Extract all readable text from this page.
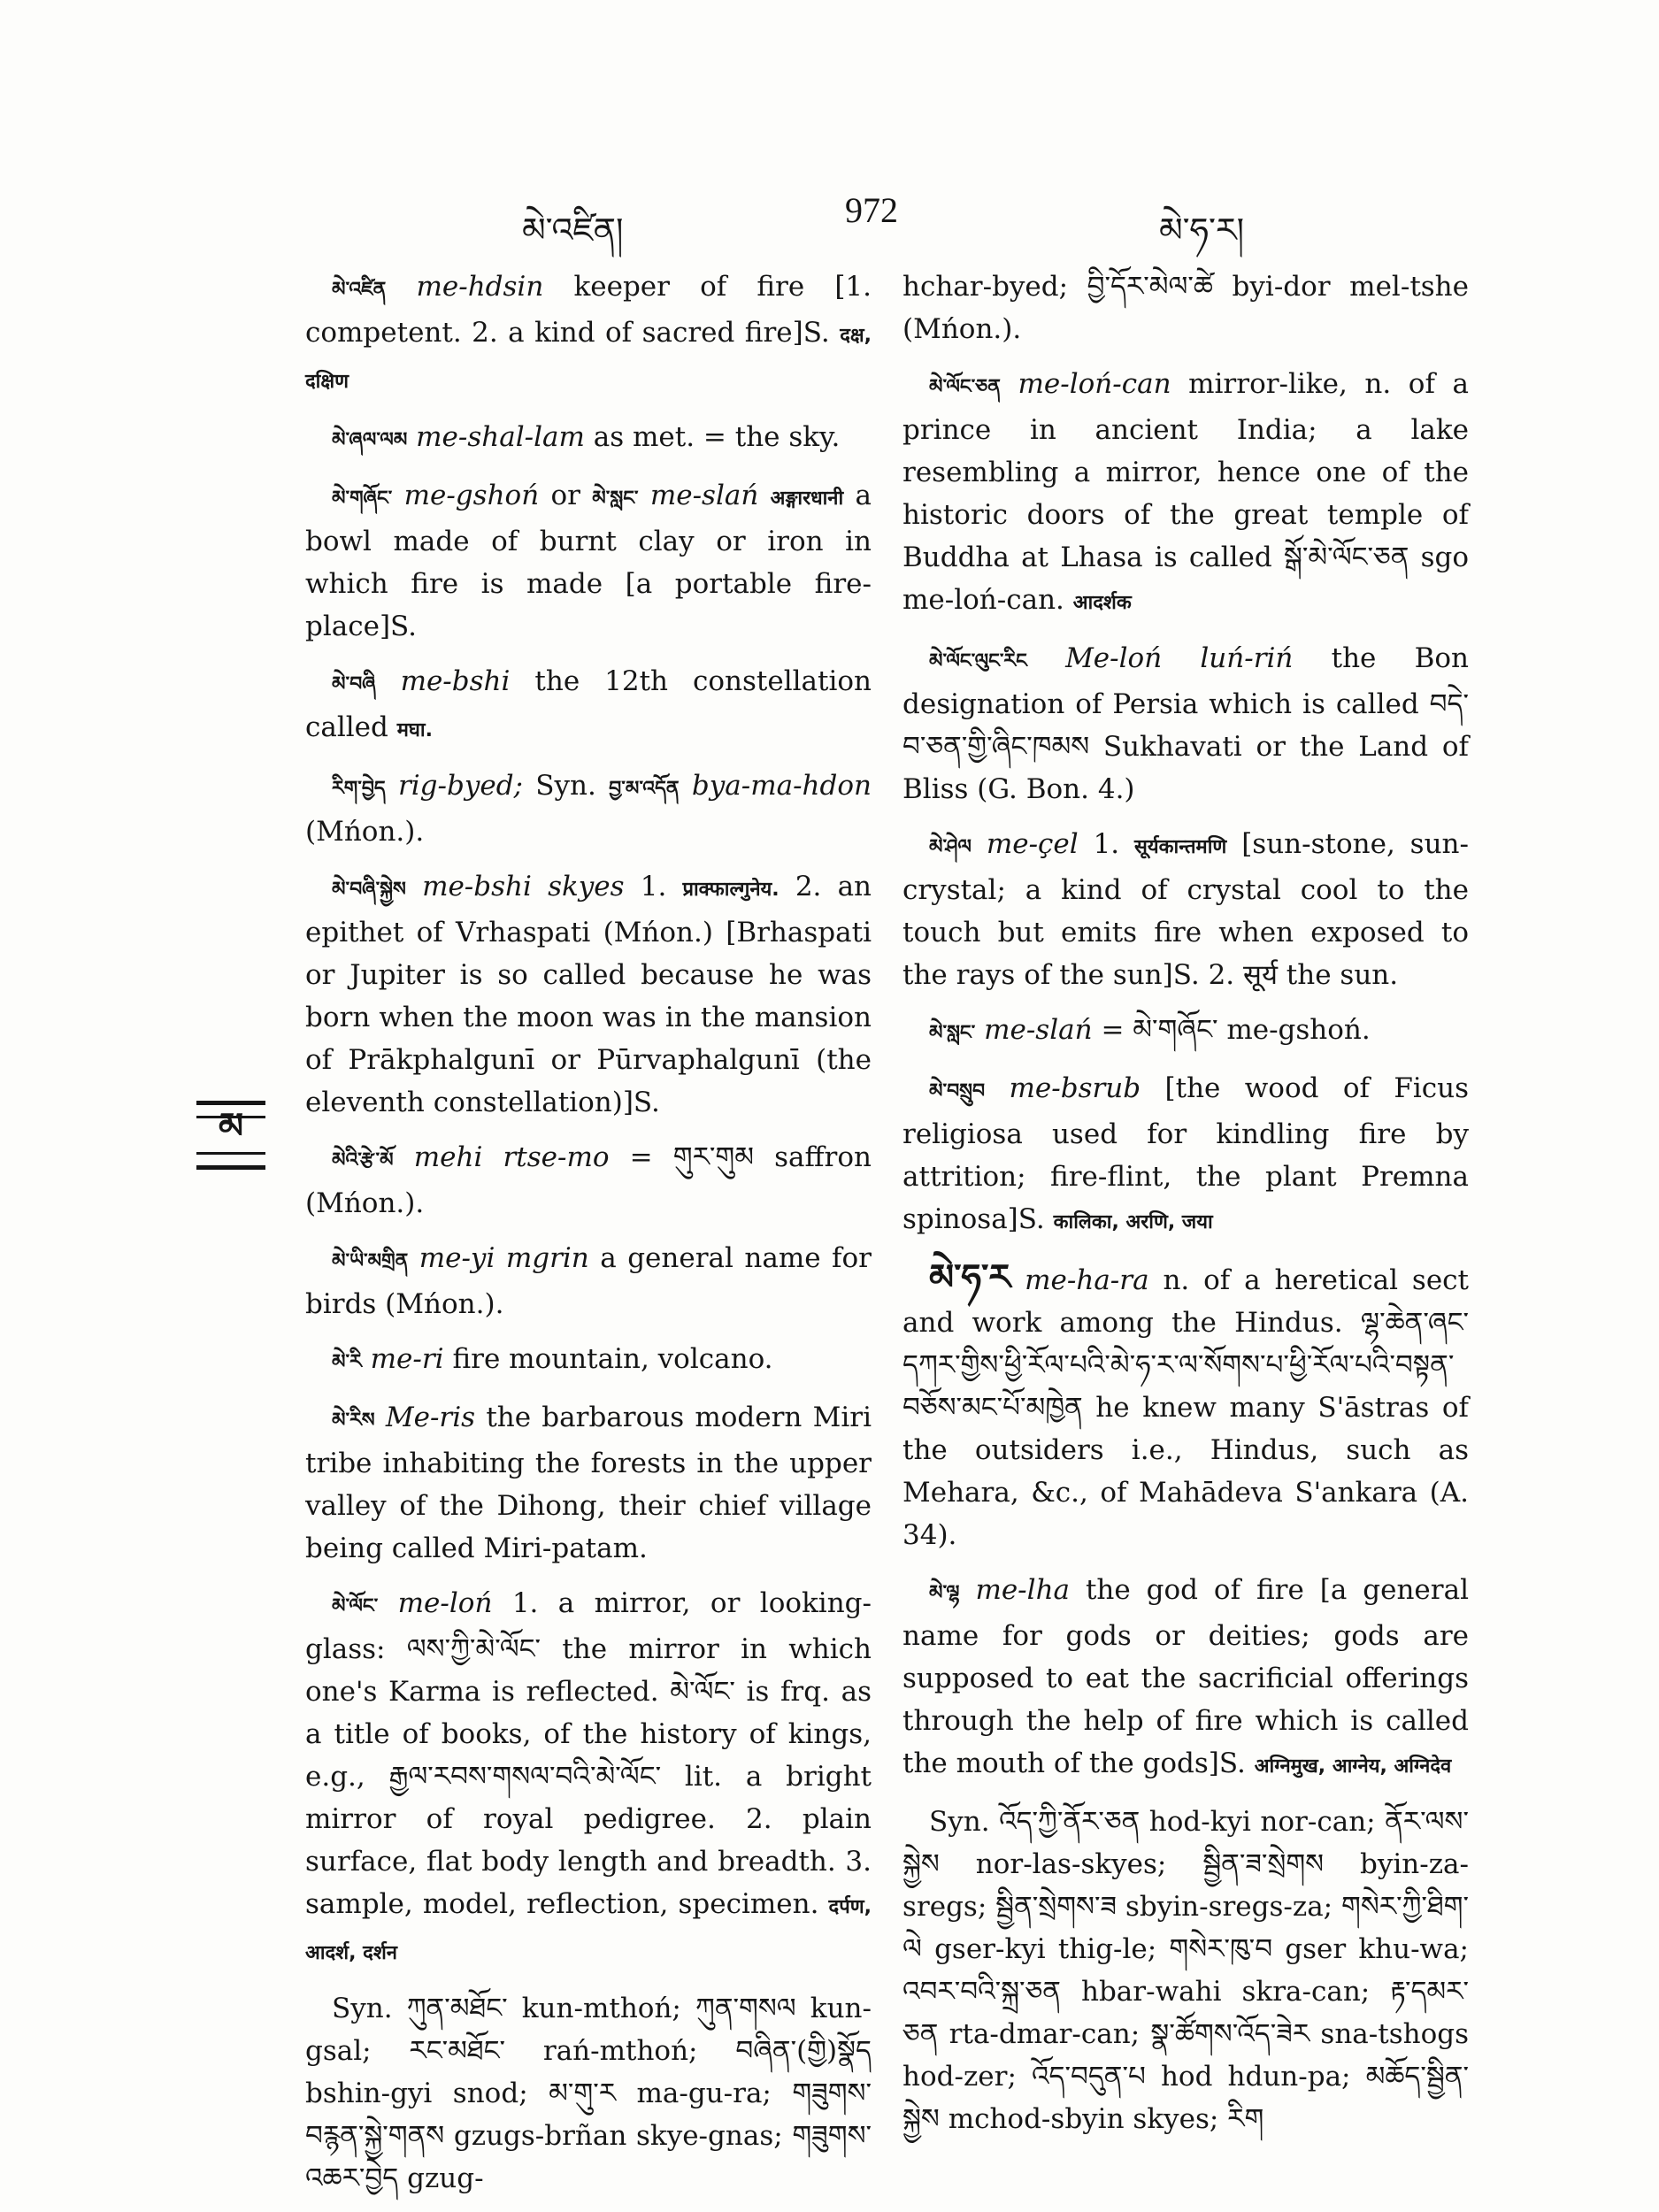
མེ་འཛིན།	972	མེ་ཧ་ར།
མ

མེ་འཛིན me-hdsin keeper of fire [1. competent. 2. a kind of sacred fire]S. दक्ष, दक्षिण

མེ་ཞལ་ལམ me-shal-lam as met. = the sky.

མེ་གཞོང་ me-gshoń or མེ་སླང་ me-slań अङ्गारधानी a bowl made of burnt clay or iron in which fire is made [a portable fire-place]S.

མེ་བཞི me-bshi the 12th constellation called मघा.

རིག་བྱེད rig-byed; Syn. བྱ་མ་འདོན bya-ma-hdon (Mńon.).

མེ་བཞི་སྐྱེས me-bshi skyes 1. प्राक्फाल्गुनेय. 2. an epithet of Vrhaspati (Mńon.) [Brhaspati or Jupiter is so called because he was born when the moon was in the mansion of Prākphalgunī or Pūrvaphalgunī (the eleventh constellation)]S.

མེའི་རྩེ་མོ mehi rtse-mo = གུར་གུམ saffron (Mńon.).

མེ་ཡི་མགྲིན me-yi mgrin a general name for birds (Mńon.).

མེ་རི me-ri fire mountain, volcano.

མེ་རིས Me-ris the barbarous modern Miri tribe inhabiting the forests in the upper valley of the Dihong, their chief village being called Miri-patam.

མེ་ལོང་ me-loń 1. a mirror, or looking-glass: ལས་ཀྱི་མེ་ལོང་ the mirror in which one's Karma is reflected. མེ་ལོང་ is frq. as a title of books, of the history of kings, e.g., རྒྱལ་རབས་གསལ་བའི་མེ་ལོང་ lit. a bright mirror of royal pedigree. 2. plain surface, flat body length and breadth. 3. sample, model, reflection, specimen. दर्पण, आदर्श, दर्शन

Syn. ཀུན་མཐོང་ kun-mthoń; ཀུན་གསལ kun-gsal; རང་མཐོང་ rań-mthoń; བཞིན་(གྱི)སྣོད bshin-gyi snod; མ་གུ་ར ma-gu-ra; གཟུགས་བརྙན་སྐྱེ་གནས gzugs-brñan skye-gnas; གཟུགས་འཆར་བྱེད gzug-

hchar-byed; བྱི་དོར་མེལ་ཚེ byi-dor mel-tshe (Mńon.).

མེ་ལོང་ཅན me-loń-can mirror-like, n. of a prince in ancient India; a lake resembling a mirror, hence one of the historic doors of the great temple of Buddha at Lhasa is called སྒོ་མེ་ལོང་ཅན sgo me-loń-can. आदर्शक

མེ་ལོང་ལུང་རིང Me-loń luń-riń the Bon designation of Persia which is called བདེ་བ་ཅན་གྱི་ཞིང་ཁམས Sukhavati or the Land of Bliss (G. Bon. 4.)

མེ་ཤེལ me-çel 1. सूर्यकान्तमणि [sun-stone, sun-crystal; a kind of crystal cool to the touch but emits fire when exposed to the rays of the sun]S. 2. सूर्य the sun.

མེ་སླང་ me-slań = མེ་གཞོང་ me-gshoń.

མེ་བསྲུབ me-bsrub [the wood of Ficus religiosa used for kindling fire by attrition; fire-flint, the plant Premna spinosa]S. कालिका, अरणि, जया

མེ་ཧ་ར me-ha-ra n. of a heretical sect and work among the Hindus. ལྷ་ཆེན་ཞང་དཀར་གྱིས་ཕྱི་རོལ་པའི་མེ་ཧ་ར་ལ་སོགས་པ་ཕྱི་རོལ་པའི་བསྟན་བཅོས་མང་པོ་མཁྱེན he knew many S'āstras of the outsiders i.e., Hindus, such as Mehara, &c., of Mahādeva S'ankara (A. 34).

མེ་ལྷ me-lha the god of fire [a general name for gods or deities; gods are supposed to eat the sacrificial offerings through the help of fire which is called the mouth of the gods]S. अग्निमुख, आग्नेय, अग्निदेव

Syn. འོད་ཀྱི་ནོར་ཅན hod-kyi nor-can; ནོར་ལས་སྐྱེས nor-las-skyes; སྦྱིན་ཟ་སྲེགས byin-za-sregs; སྦྱིན་སྲེགས་ཟ sbyin-sregs-za; གསེར་ཀྱི་ཐིག་ལེ gser-kyi thig-le; གསེར་ཁུ་བ gser khu-wa; འབར་བའི་སྐྲ་ཅན hbar-wahi skra-can; རྟ་དམར་ཅན rta-dmar-can; སྣ་ཚོགས་འོད་ཟེར sna-tshogs hod-zer; འོད་བདུན་པ hod hdun-pa; མཆོད་སྦྱིན་སྐྱེས mchod-sbyin skyes; རིག
